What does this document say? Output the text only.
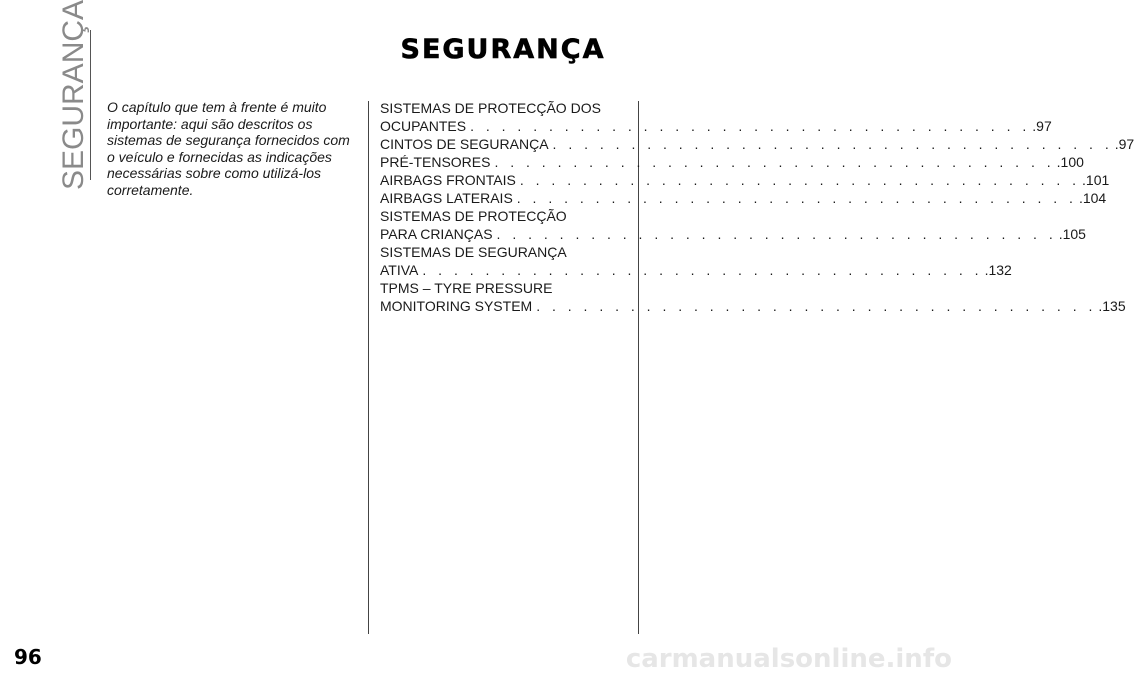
SEGURANÇA	SEGURANÇA
O capítulo que tem à frente é muito importante: aqui são descritos os sistemas de segurança fornecidos com o veículo e fornecidas as indicações necessárias sobre como utilizá-los corretamente.
SISTEMAS DE PROTECÇÃO DOS
OCUPANTES . . . . . . . . . . . . . . . . . . . . . . . . . . . . . . . . . . . . .97
CINTOS DE SEGURANÇA . . . . . . . . . . . . . . . . . . . . . . . . . . . . . . . . . . . . .97
PRÉ-TENSORES . . . . . . . . . . . . . . . . . . . . . . . . . . . . . . . . . . . . .100
AIRBAGS FRONTAIS . . . . . . . . . . . . . . . . . . . . . . . . . . . . . . . . . . . . .101
AIRBAGS LATERAIS . . . . . . . . . . . . . . . . . . . . . . . . . . . . . . . . . . . . .104
SISTEMAS DE PROTECÇÃO
PARA CRIANÇAS . . . . . . . . . . . . . . . . . . . . . . . . . . . . . . . . . . . . .105
SISTEMAS DE SEGURANÇA
ATIVA . . . . . . . . . . . . . . . . . . . . . . . . . . . . . . . . . . . . .132
TPMS – TYRE PRESSURE
MONITORING SYSTEM . . . . . . . . . . . . . . . . . . . . . . . . . . . . . . . . . . . . .135
96	carmanualsonline.info
